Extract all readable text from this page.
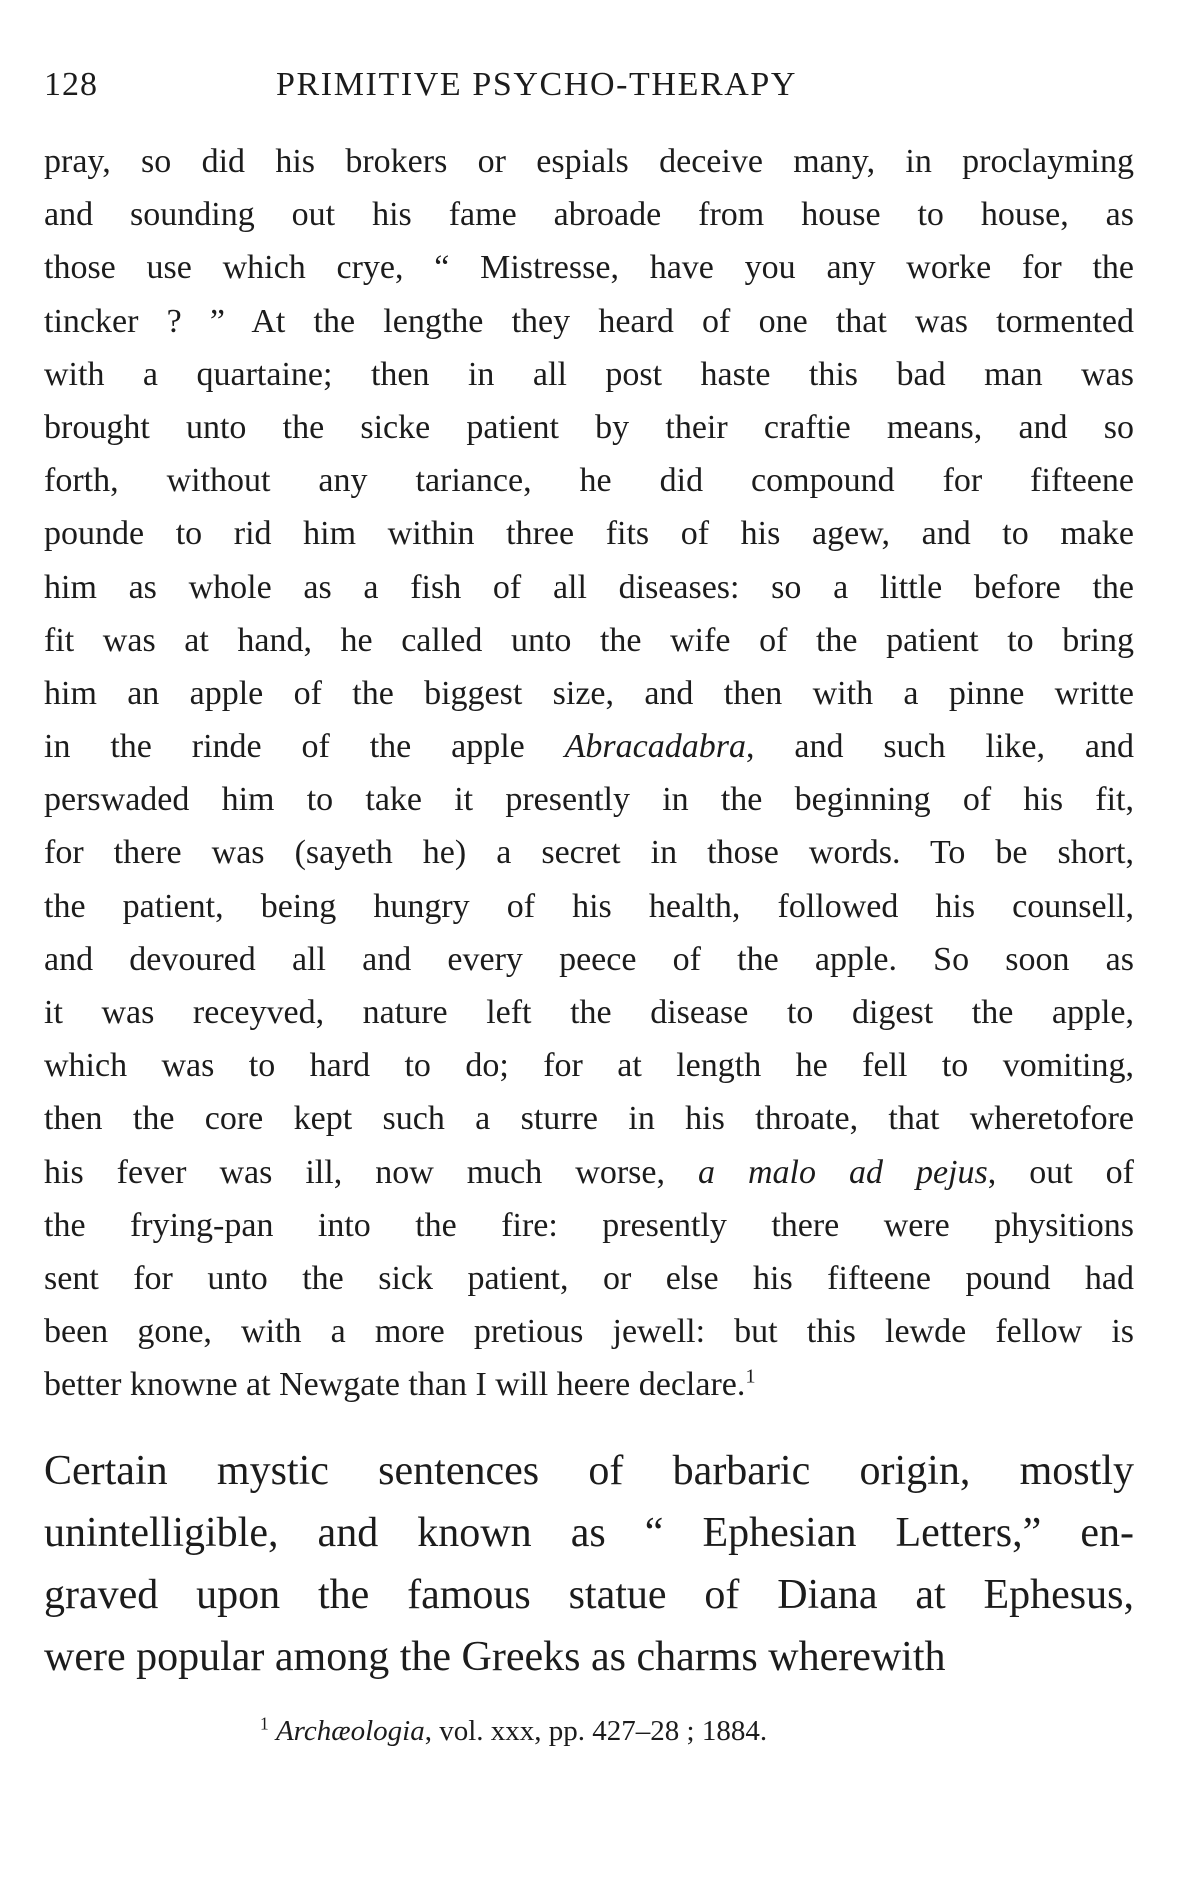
128	PRIMITIVE PSYCHO-THERAPY
pray, so did his brokers or espials deceive many, in proclayming
and sounding out his fame abroade from house to house, as
those use which crye, “ Mistresse, have you any worke for the
tincker ? ” At the lengthe they heard of one that was tormented
with a quartaine; then in all post haste this bad man was
brought unto the sicke patient by their craftie means, and so
forth, without any tariance, he did compound for fifteene
pounde to rid him within three fits of his agew, and to make
him as whole as a fish of all diseases: so a little before the
fit was at hand, he called unto the wife of the patient to bring
him an apple of the biggest size, and then with a pinne writte
in the rinde of the apple Abracadabra, and such like, and
perswaded him to take it presently in the beginning of his fit,
for there was (sayeth he) a secret in those words. To be short,
the patient, being hungry of his health, followed his counsell,
and devoured all and every peece of the apple. So soon as
it was receyved, nature left the disease to digest the apple,
which was to hard to do; for at length he fell to vomiting,
then the core kept such a sturre in his throate, that wheretofore
his fever was ill, now much worse, a malo ad pejus, out of
the frying-pan into the fire: presently there were physitions
sent for unto the sick patient, or else his fifteene pound had
been gone, with a more pretious jewell: but this lewde fellow is
better knowne at Newgate than I will heere declare.$^1$
Certain mystic sentences of barbaric origin, mostly
unintelligible, and known as “ Ephesian Letters,” en-
graved upon the famous statue of Diana at Ephesus,
were popular among the Greeks as charms wherewith
$^1$ Archæologia, vol. xxx, pp. 427–28 ; 1884.
